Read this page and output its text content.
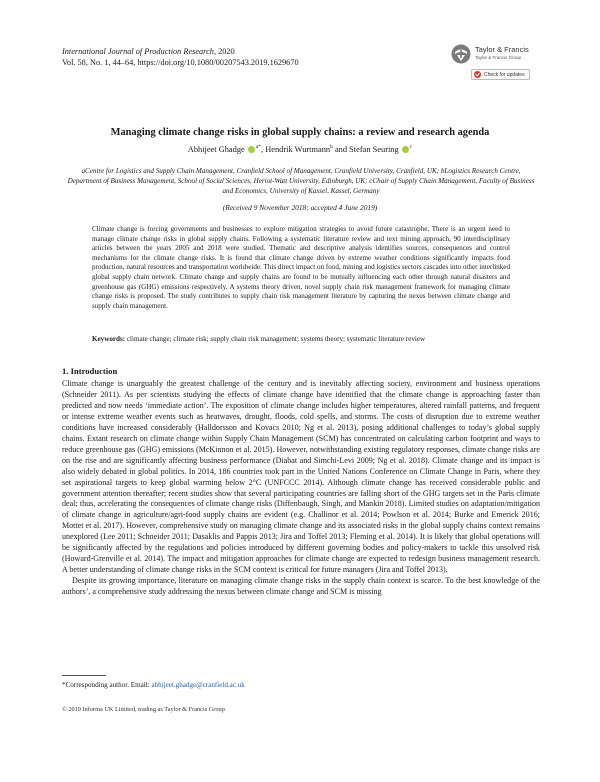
International Journal of Production Research, 2020
Vol. 58, No. 1, 44–64, https://doi.org/10.1080/00207543.2019.1629670
Taylor & Francis
Taylor & Francis Group
Check for updates
Managing climate change risks in global supply chains: a review and research agenda
Abhijeet Ghadge $^{a*}$, Hendrik Wurtmann$^b$ and Stefan Seuring $^c$
aCentre for Logistics and Supply Chain Management, Cranfield School of Management, Cranfield University, Cranfield, UK; bLogistics Research Centre, Department of Business Management, School of Social Sciences, Heriot-Watt University, Edinburgh, UK; cChair of Supply Chain Management, Faculty of Business and Economics, University of Kassel, Kassel, Germany
(Received 9 November 2018; accepted 4 June 2019)
Climate change is forcing governments and businesses to explore mitigation strategies to avoid future catastrophe. There is an urgent need to manage climate change risks in global supply chains. Following a systematic literature review and text mining approach, 90 interdisciplinary articles between the years 2005 and 2018 were studied. Thematic and descriptive analysis identifies sources, consequences and control mechanisms for the climate change risks. It is found that climate change driven by extreme weather conditions significantly impacts food production, natural resources and transportation worldwide. This direct impact on food, mining and logistics sectors cascades into other interlinked global supply chain network. Climate change and supply chains are found to be mutually influencing each other through natural disasters and greenhouse gas (GHG) emissions respectively. A systems theory driven, novel supply chain risk management framework for managing climate change risks is proposed. The study contributes to supply chain risk management literature by capturing the nexus between climate change and supply chain management.
Keywords: climate change; climate risk; supply chain risk management; systems theory; systematic literature review
1. Introduction

Climate change is unarguably the greatest challenge of the century and is inevitably affecting society, environment and business operations (Schneider 2011). As per scientists studying the effects of climate change have identified that the climate change is approaching faster than predicted and now needs ‘immediate action’. The exposition of climate change includes higher temperatures, altered rainfall patterns, and frequent or intense extreme weather events such as heatwaves, drought, floods, cold spells, and storms. The costs of disruption due to extreme weather conditions have increased considerably (Halldorsson and Kovacs 2010; Ng et al. 2013), posing additional challenges to today’s global supply chains. Extant research on climate change within Supply Chain Management (SCM) has concentrated on calculating carbon footprint and ways to reduce greenhouse gas (GHG) emissions (McKinnon et al. 2015). However, notwithstanding existing regulatory responses, climate change risks are on the rise and are significantly affecting business performance (Diabat and Simchi-Levi 2009; Ng et al. 2018). Climate change and its impact is also widely debated in global politics. In 2014, 186 countries took part in the United Nations Conference on Climate Change in Paris, where they set aspirational targets to keep global warming below 2°C (UNFCCC 2014). Although climate change has received considerable public and government attention thereafter; recent studies show that several participating countries are falling short of the GHG targets set in the Paris climate deal; thus, accelerating the consequences of climate change risks (Diffenbaugh, Singh, and Mankin 2018). Limited studies on adaptation/mitigation of climate change in agriculture/agri-food supply chains are evident (e.g. Challinor et al. 2014; Powlson et al. 2014; Burke and Emerick 2016; Mottet et al. 2017). However, comprehensive study on managing climate change and its associated risks in the global supply chains context remains unexplored (Lee 2011; Schneider 2011; Dasaklis and Pappis 2013; Jira and Toffel 2013; Fleming et al. 2014). It is likely that global operations will be significantly affected by the regulations and policies introduced by different governing bodies and policy-makers to tackle this unsolved risk (Howard-Grenville et al. 2014). The impact and mitigation approaches for climate change are expected to redesign business management research. A better understanding of climate change risks in the SCM context is critical for future managers (Jira and Toffel 2013).

Despite its growing importance, literature on managing climate change risks in the supply chain context is scarce. To the best knowledge of the authors’, a comprehensive study addressing the nexus between climate change and SCM is missing

*Corresponding author. Email: abhijeet.ghadge@cranfield.ac.uk
© 2019 Informa UK Limited, trading as Taylor & Francis Group
